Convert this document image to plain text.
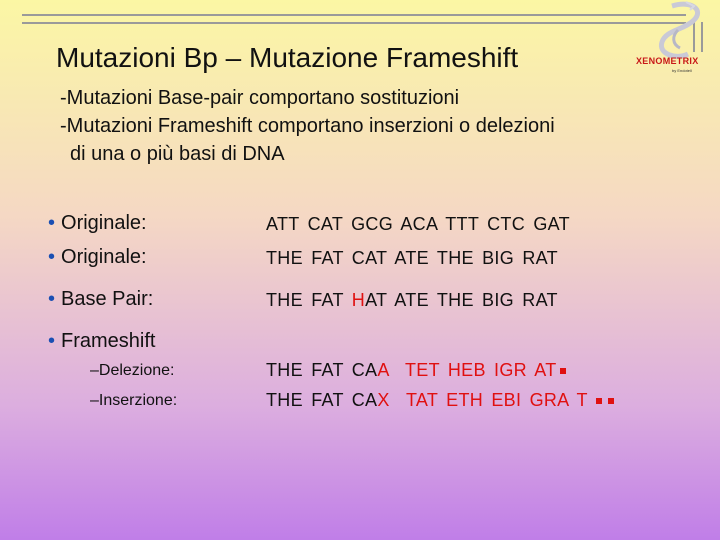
XENOMETRIX
by Endotell
Mutazioni Bp – Mutazione Frameshift
-Mutazioni Base-pair comportano sostituzioni
-Mutazioni Frameshift comportano inserzioni o delezioni
di una o più basi di DNA
• Originale:	ATT CAT GCG ACA TTT CTC GAT
• Originale:	THE FAT CAT ATE THE BIG RAT
• Base Pair:	THE FAT HAT ATE THE BIG RAT
• Frameshift
–Delezione:	THE FAT CAA TET HEB IGR AT
–Inserzione:	THE FAT CAX TAT ETH EBI GRA T
